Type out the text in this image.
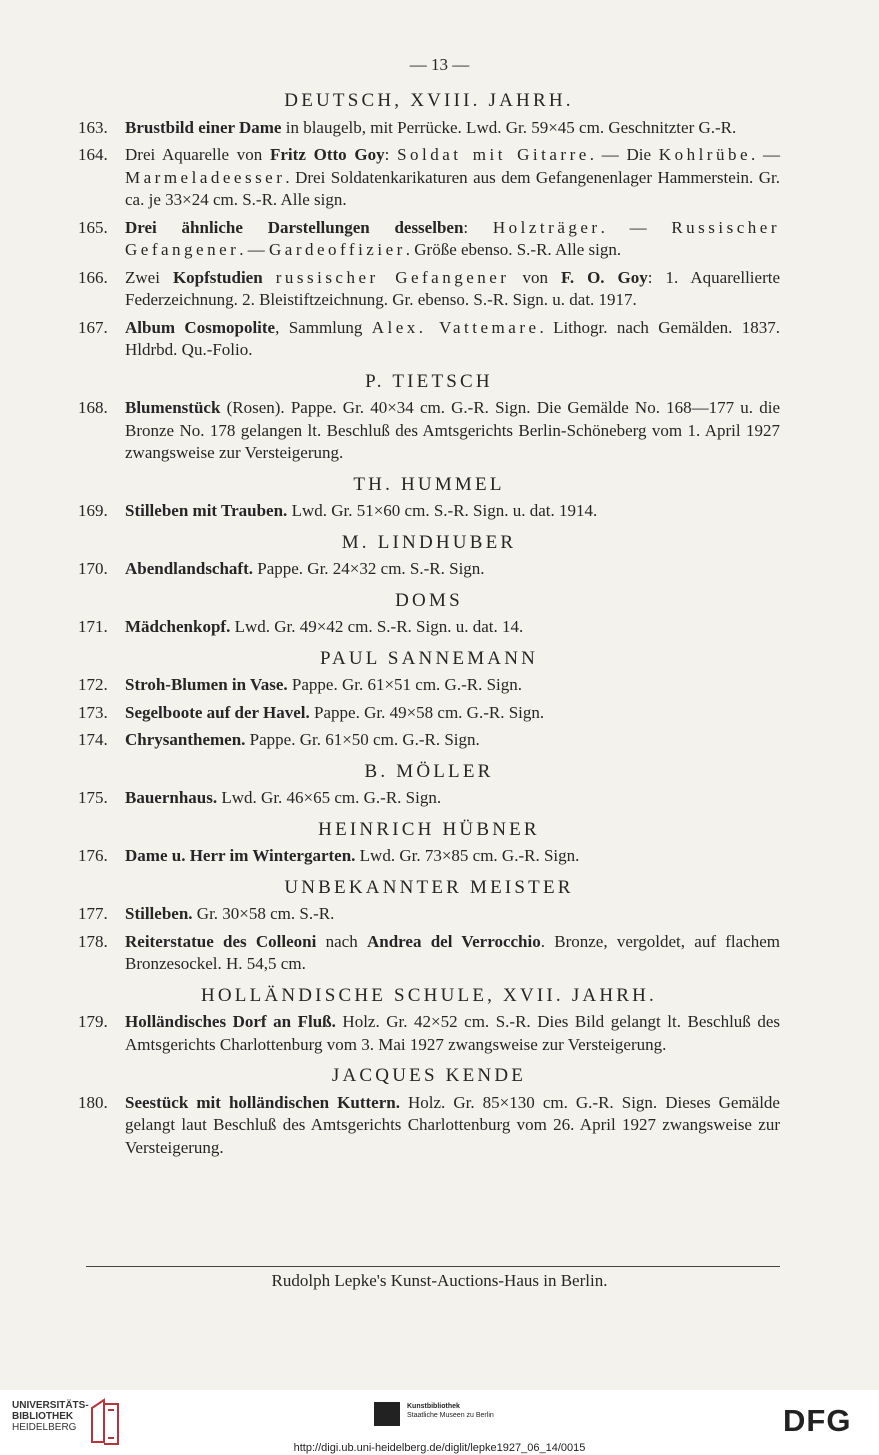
— 13 —
DEUTSCH, XVIII. JAHRH.
163. Brustbild einer Dame in blaugelb, mit Perrücke. Lwd. Gr. 59×45 cm. Geschnitzter G.-R.
164. Drei Aquarelle von Fritz Otto Goy: Soldat mit Gitarre. — Die Kohlrübe. — Marmeladeesser. Drei Soldatenkarikaturen aus dem Gefangenenlager Hammerstein. Gr. ca. je 33×24 cm. S.-R. Alle sign.
165. Drei ähnliche Darstellungen desselben: Holzträger. — Russischer Gefangener. — Gardeoffizier. Größe ebenso. S.-R. Alle sign.
166. Zwei Kopfstudien russischer Gefangener von F. O. Goy: 1. Aquarellierte Federzeichnung. 2. Bleistiftzeichnung. Gr. ebenso. S.-R. Sign. u. dat. 1917.
167. Album Cosmopolite, Sammlung Alex. Vattemare. Lithogr. nach Gemälden. 1837. Hldrbd. Qu.-Folio.
P. TIETSCH
168. Blumenstück (Rosen). Pappe. Gr. 40×34 cm. G.-R. Sign. Die Gemälde No. 168—177 u. die Bronze No. 178 gelangen lt. Beschluß des Amtsgerichts Berlin-Schöneberg vom 1. April 1927 zwangsweise zur Versteigerung.
TH. HUMMEL
169. Stilleben mit Trauben. Lwd. Gr. 51×60 cm. S.-R. Sign. u. dat. 1914.
M. LINDHUBER
170. Abendlandschaft. Pappe. Gr. 24×32 cm. S.-R. Sign.
DOMS
171. Mädchenkopf. Lwd. Gr. 49×42 cm. S.-R. Sign. u. dat. 14.
PAUL SANNEMANN
172. Stroh-Blumen in Vase. Pappe. Gr. 61×51 cm. G.-R. Sign.
173. Segelboote auf der Havel. Pappe. Gr. 49×58 cm. G.-R. Sign.
174. Chrysanthemen. Pappe. Gr. 61×50 cm. G.-R. Sign.
B. MÖLLER
175. Bauernhaus. Lwd. Gr. 46×65 cm. G.-R. Sign.
HEINRICH HÜBNER
176. Dame u. Herr im Wintergarten. Lwd. Gr. 73×85 cm. G.-R. Sign.
UNBEKANNTER MEISTER
177. Stilleben. Gr. 30×58 cm. S.-R.
178. Reiterstatue des Colleoni nach Andrea del Verrocchio. Bronze, vergoldet, auf flachem Bronzesockel. H. 54,5 cm.
HOLLÄNDISCHE SCHULE, XVII. JAHRH.
179. Holländisches Dorf an Fluß. Holz. Gr. 42×52 cm. S.-R. Dies Bild gelangt lt. Beschluß des Amtsgerichts Charlottenburg vom 3. Mai 1927 zwangsweise zur Versteigerung.
JACQUES KENDE
180. Seestück mit holländischen Kuttern. Holz. Gr. 85×130 cm. G.-R. Sign. Dieses Gemälde gelangt laut Beschluß des Amtsgerichts Charlottenburg vom 26. April 1927 zwangsweise zur Versteigerung.
Rudolph Lepke's Kunst-Auctions-Haus in Berlin.
UNIVERSITÄTS-
BIBLIOTHEK
HEIDELBERG
Kunstbibliothek
Staatliche Museen zu Berlin	DFG
http://digi.ub.uni-heidelberg.de/diglit/lepke1927_06_14/0015
